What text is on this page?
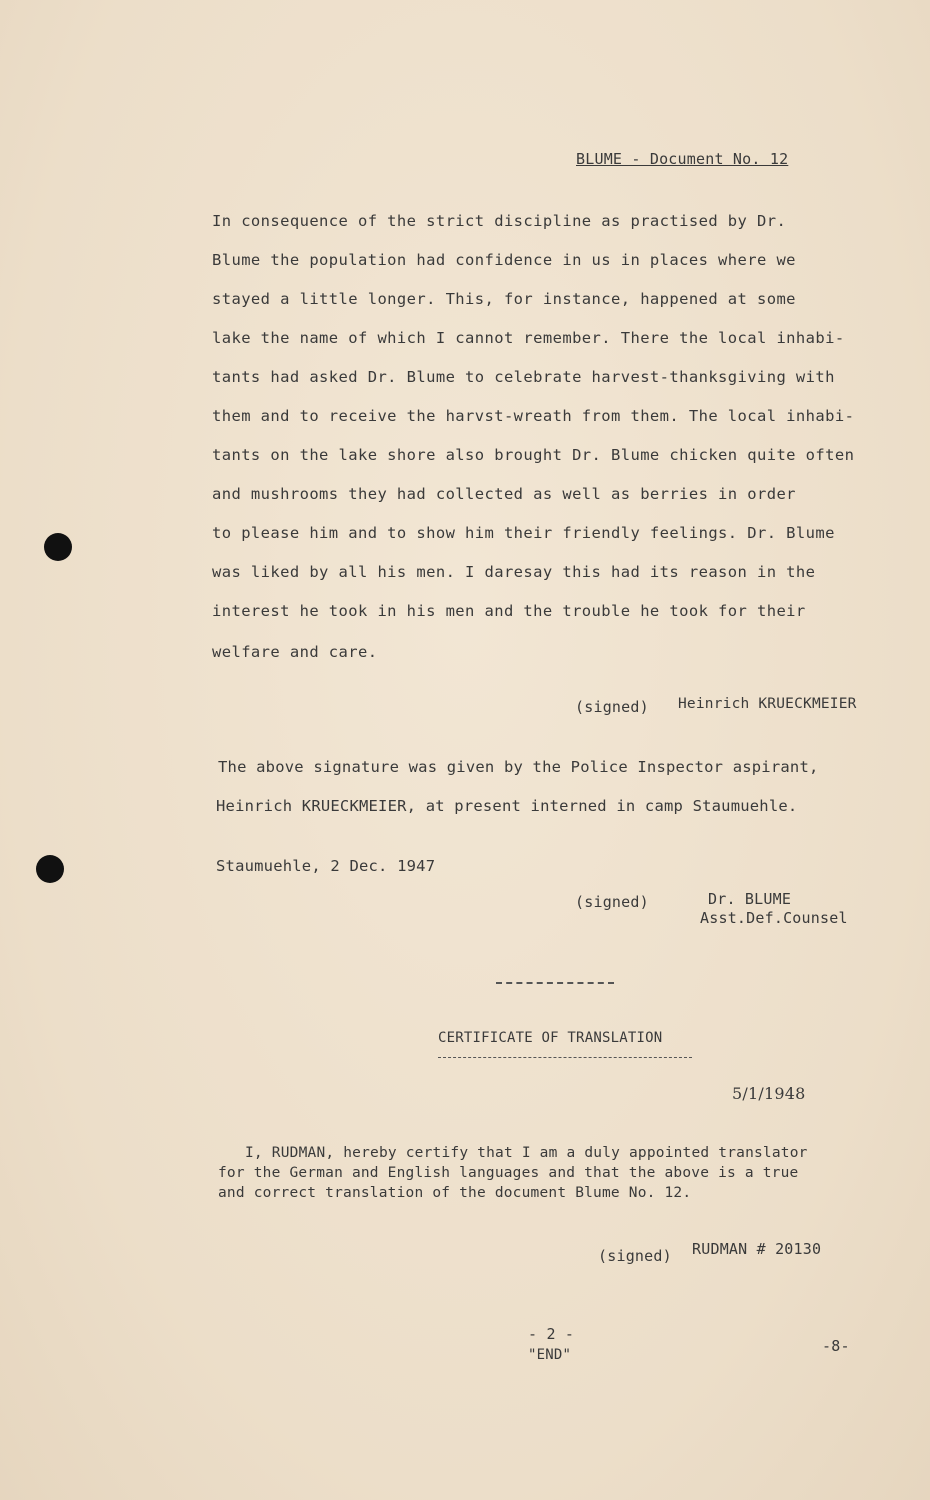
BLUME - Document No. 12
In consequence of the strict discipline as practised by Dr.
Blume the population had confidence in us in places where we
stayed a little longer. This, for instance, happened at some
lake the name of which I cannot remember. There the local inhabi-
tants had asked Dr. Blume to celebrate harvest-thanksgiving with
them and to receive the harvst-wreath from them. The local inhabi-
tants on the lake shore also brought Dr. Blume chicken quite often
and mushrooms they had collected as well as berries in order
to please him and to show him their friendly feelings. Dr. Blume
was liked by all his men. I daresay this had its reason in the
interest he took in his men and the trouble he took for their
welfare and care.
(signed) Heinrich KRUECKMEIER
The above signature was given by the Police Inspector aspirant,
Heinrich KRUECKMEIER, at present interned in camp Staumuehle.
Staumuehle, 2 Dec. 1947
(signed)	Dr. BLUME
Asst.Def.Counsel
CERTIFICATE OF TRANSLATION
5/1/1948
I, RUDMAN, hereby certify that I am a duly appointed translator
for the German and English languages and that the above is a true
and correct translation of the document Blume No. 12.
(signed) RUDMAN # 20130
- 2 -
"END"	-8-
